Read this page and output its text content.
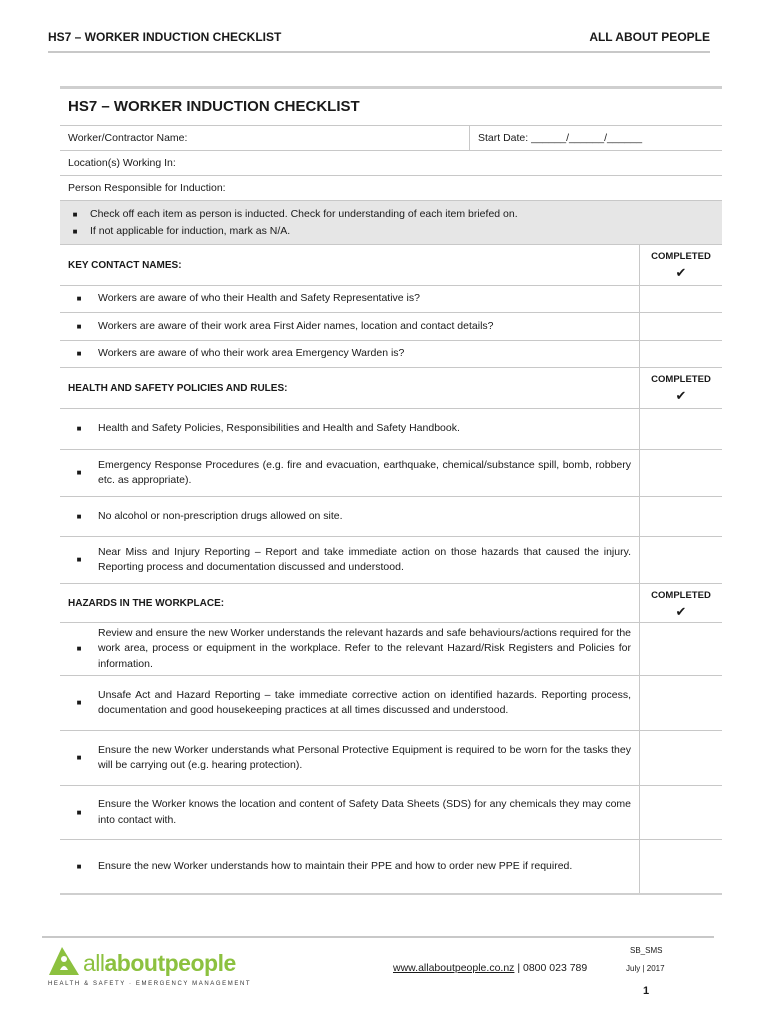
HS7 – WORKER INDUCTION CHECKLIST	ALL ABOUT PEOPLE
HS7 – WORKER INDUCTION CHECKLIST
Worker/Contractor Name:	Start Date: ______/______/______
Location(s) Working In:
Person Responsible for Induction:
■	Check off each item as person is inducted. Check for understanding of each item briefed on.
■	If not applicable for induction, mark as N/A.
KEY CONTACT NAMES:
COMPLETED
✔
■	Workers are aware of who their Health and Safety Representative is?
■	Workers are aware of their work area First Aider names, location and contact details?
■	Workers are aware of who their work area Emergency Warden is?
HEALTH AND SAFETY POLICIES AND RULES:
COMPLETED
✔
■	Health and Safety Policies, Responsibilities and Health and Safety Handbook.
■
Emergency Response Procedures (e.g. fire and evacuation, earthquake, chemical/substance spill, bomb, robbery etc. as appropriate).
■	No alcohol or non-prescription drugs allowed on site.
■
Near Miss and Injury Reporting – Report and take immediate action on those hazards that caused the injury. Reporting process and documentation discussed and understood.
HAZARDS IN THE WORKPLACE:
COMPLETED
✔
■
Review and ensure the new Worker understands the relevant hazards and safe behaviours/actions required for the work area, process or equipment in the workplace. Refer to the relevant Hazard/Risk Registers and Policies for information.
■
Unsafe Act and Hazard Reporting – take immediate corrective action on identified hazards. Reporting process, documentation and good housekeeping practices at all times discussed and understood.
■
Ensure the new Worker understands what Personal Protective Equipment is required to be worn for the tasks they will be carrying out (e.g. hearing protection).
■
Ensure the Worker knows the location and content of Safety Data Sheets (SDS) for any chemicals they may come into contact with.
■	Ensure the new Worker understands how to maintain their PPE and how to order new PPE if required.
allaboutpeople
HEALTH & SAFETY · EMERGENCY MANAGEMENT
www.allaboutpeople.co.nz | 0800 023 789
SB_SMS
July | 2017
1
